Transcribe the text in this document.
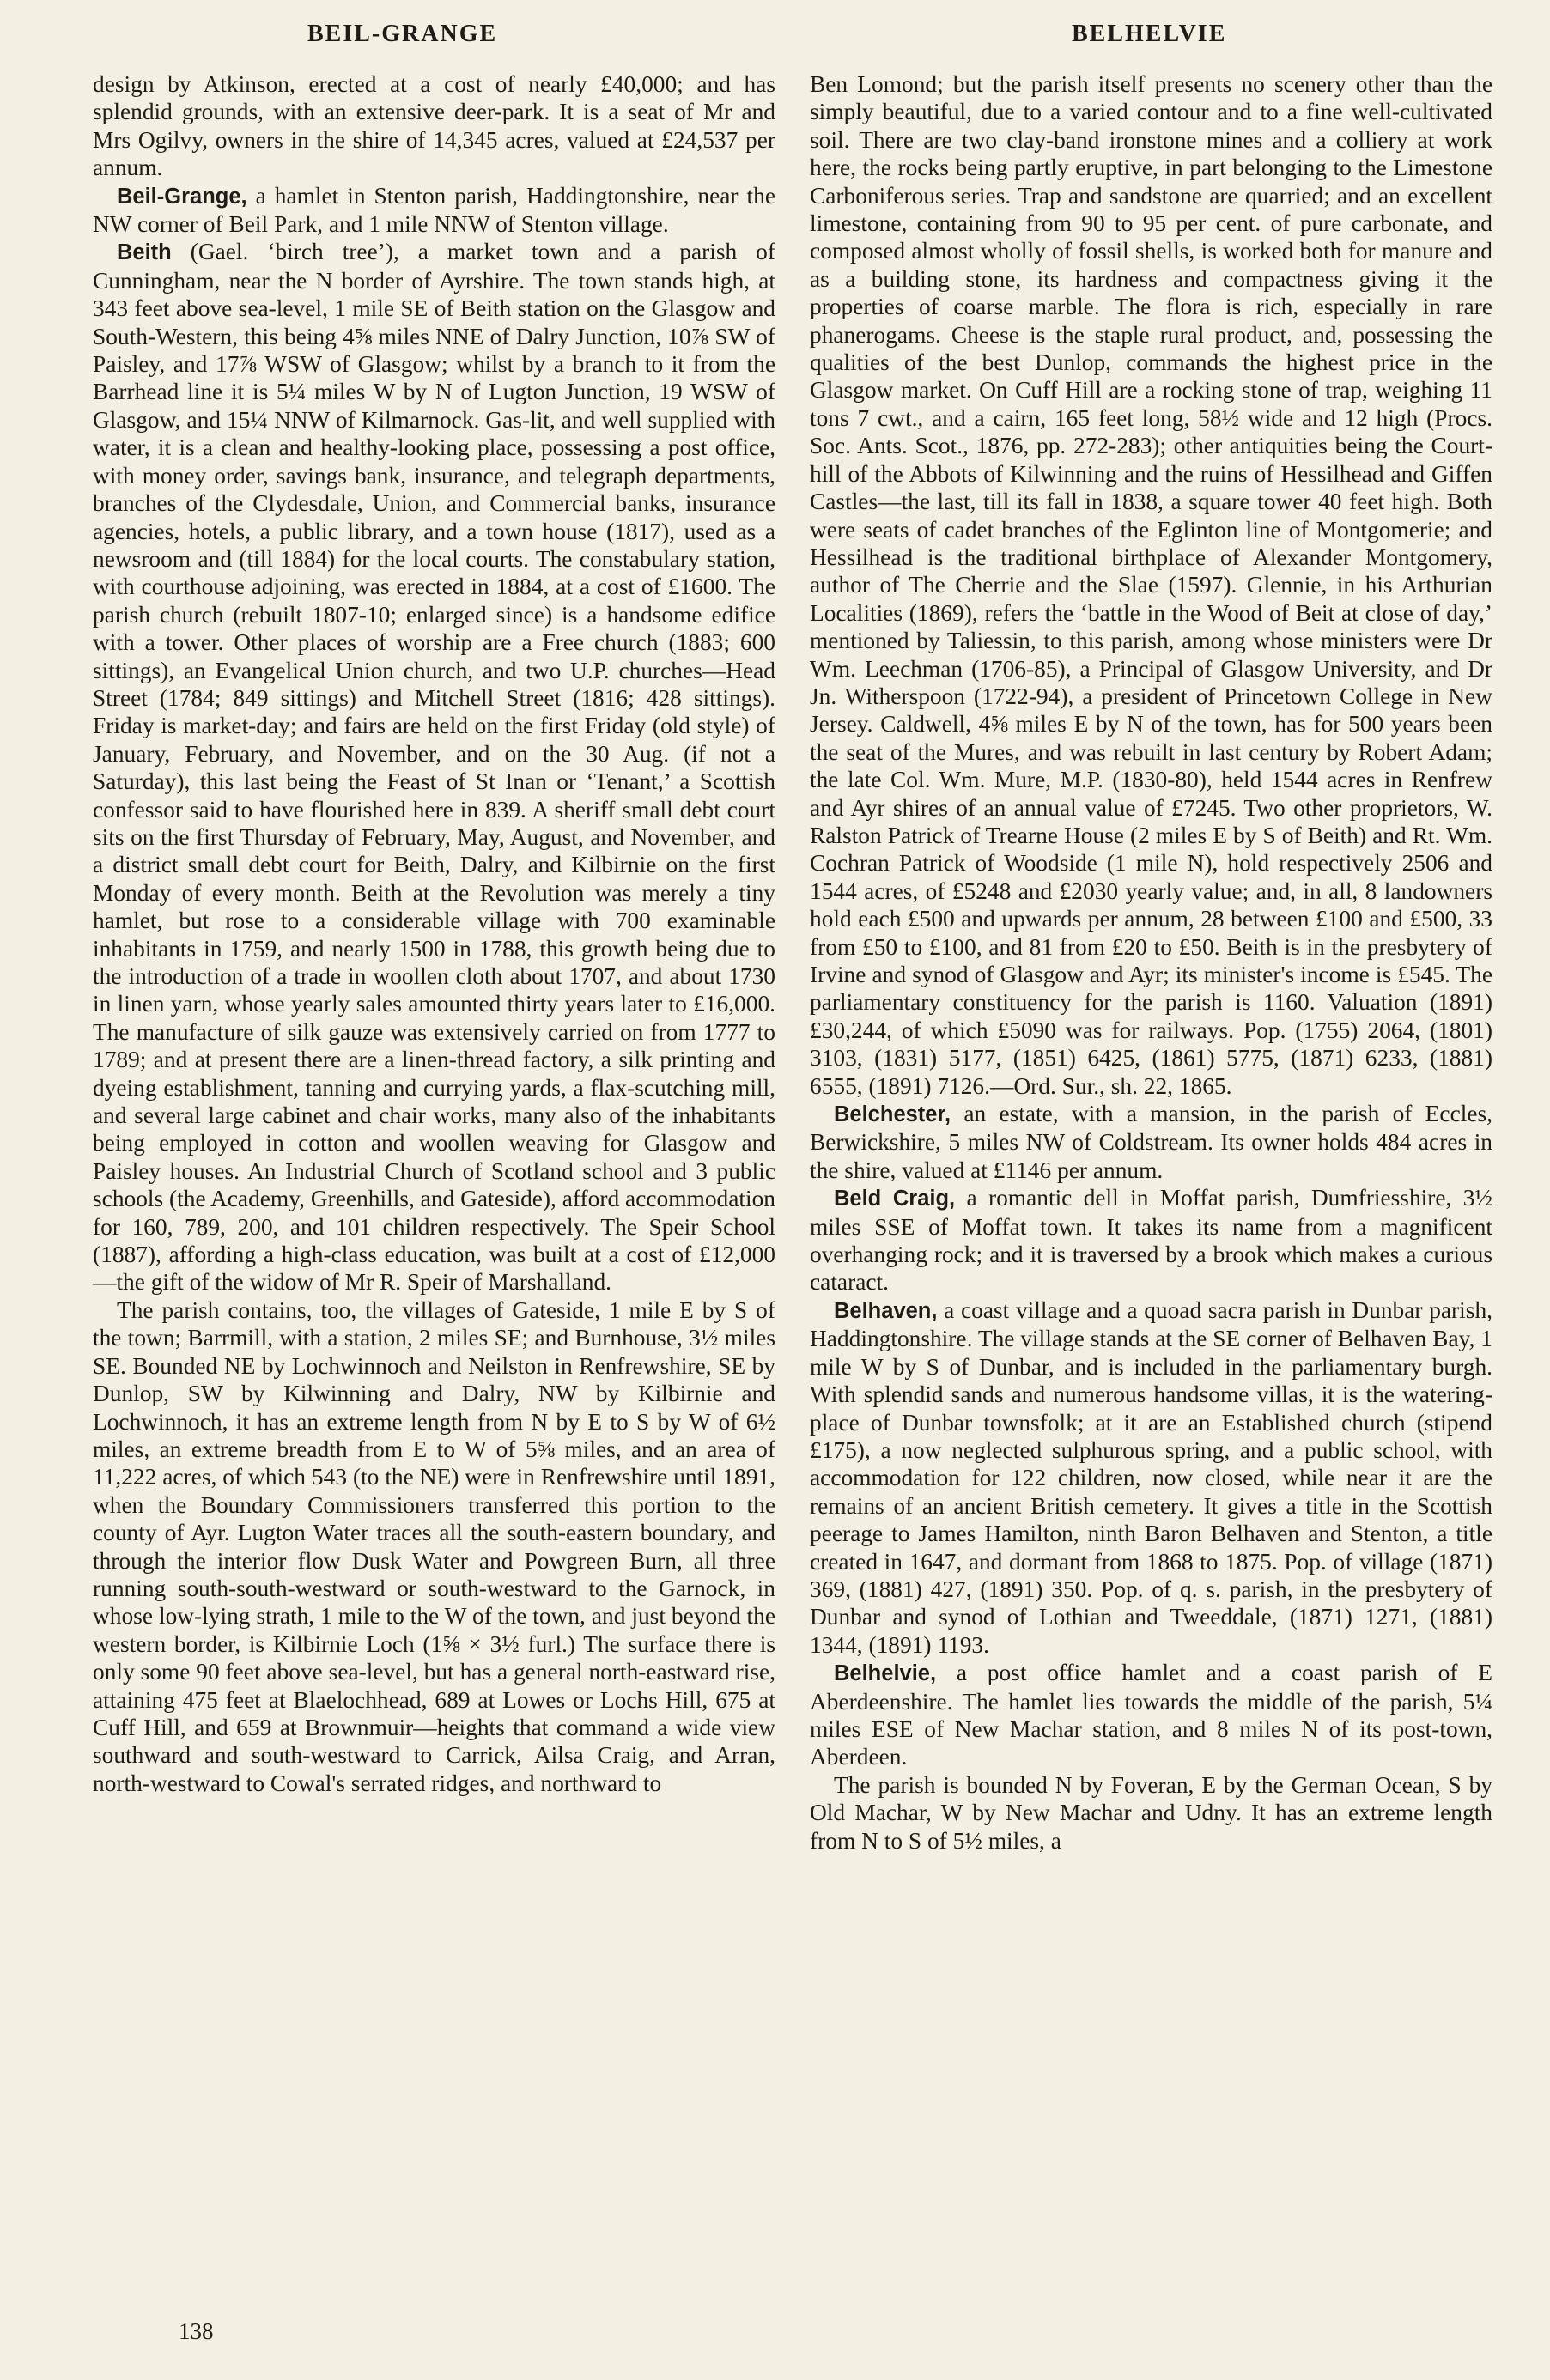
BEIL-GRANGE	BELHELVIE

design by Atkinson, erected at a cost of nearly £40,000; and has splendid grounds, with an extensive deer-park. It is a seat of Mr and Mrs Ogilvy, owners in the shire of 14,345 acres, valued at £24,537 per annum.

Beil-Grange, a hamlet in Stenton parish, Haddingtonshire, near the NW corner of Beil Park, and 1 mile NNW of Stenton village.

Beith (Gael. ‘birch tree’), a market town and a parish of Cunningham, near the N border of Ayrshire. The town stands high, at 343 feet above sea-level, 1 mile SE of Beith station on the Glasgow and South-Western, this being 4⅝ miles NNE of Dalry Junction, 10⅞ SW of Paisley, and 17⅞ WSW of Glasgow; whilst by a branch to it from the Barrhead line it is 5¼ miles W by N of Lugton Junction, 19 WSW of Glasgow, and 15¼ NNW of Kilmarnock. Gas-lit, and well supplied with water, it is a clean and healthy-looking place, possessing a post office, with money order, savings bank, insurance, and telegraph departments, branches of the Clydesdale, Union, and Commercial banks, insurance agencies, hotels, a public library, and a town house (1817), used as a newsroom and (till 1884) for the local courts. The constabulary station, with courthouse adjoining, was erected in 1884, at a cost of £1600. The parish church (rebuilt 1807-10; enlarged since) is a handsome edifice with a tower. Other places of worship are a Free church (1883; 600 sittings), an Evangelical Union church, and two U.P. churches—Head Street (1784; 849 sittings) and Mitchell Street (1816; 428 sittings). Friday is market-day; and fairs are held on the first Friday (old style) of January, February, and November, and on the 30 Aug. (if not a Saturday), this last being the Feast of St Inan or ‘Tenant,’ a Scottish confessor said to have flourished here in 839. A sheriff small debt court sits on the first Thursday of February, May, August, and November, and a district small debt court for Beith, Dalry, and Kilbirnie on the first Monday of every month. Beith at the Revolution was merely a tiny hamlet, but rose to a considerable village with 700 examinable inhabitants in 1759, and nearly 1500 in 1788, this growth being due to the introduction of a trade in woollen cloth about 1707, and about 1730 in linen yarn, whose yearly sales amounted thirty years later to £16,000. The manufacture of silk gauze was extensively carried on from 1777 to 1789; and at present there are a linen-thread factory, a silk printing and dyeing establishment, tanning and currying yards, a flax-scutching mill, and several large cabinet and chair works, many also of the inhabitants being employed in cotton and woollen weaving for Glasgow and Paisley houses. An Industrial Church of Scotland school and 3 public schools (the Academy, Greenhills, and Gateside), afford accommodation for 160, 789, 200, and 101 children respectively. The Speir School (1887), affording a high-class education, was built at a cost of £12,000—the gift of the widow of Mr R. Speir of Marshalland.

The parish contains, too, the villages of Gateside, 1 mile E by S of the town; Barrmill, with a station, 2 miles SE; and Burnhouse, 3½ miles SE. Bounded NE by Lochwinnoch and Neilston in Renfrewshire, SE by Dunlop, SW by Kilwinning and Dalry, NW by Kilbirnie and Lochwinnoch, it has an extreme length from N by E to S by W of 6½ miles, an extreme breadth from E to W of 5⅝ miles, and an area of 11,222 acres, of which 543 (to the NE) were in Renfrewshire until 1891, when the Boundary Commissioners transferred this portion to the county of Ayr. Lugton Water traces all the south-eastern boundary, and through the interior flow Dusk Water and Powgreen Burn, all three running south-south-westward or south-westward to the Garnock, in whose low-lying strath, 1 mile to the W of the town, and just beyond the western border, is Kilbirnie Loch (1⅝ × 3½ furl.) The surface there is only some 90 feet above sea-level, but has a general north-eastward rise, attaining 475 feet at Blaelochhead, 689 at Lowes or Lochs Hill, 675 at Cuff Hill, and 659 at Brownmuir—heights that command a wide view southward and south-westward to Carrick, Ailsa Craig, and Arran, north-westward to Cowal's serrated ridges, and northward to

Ben Lomond; but the parish itself presents no scenery other than the simply beautiful, due to a varied contour and to a fine well-cultivated soil. There are two clay-band ironstone mines and a colliery at work here, the rocks being partly eruptive, in part belonging to the Limestone Carboniferous series. Trap and sandstone are quarried; and an excellent limestone, containing from 90 to 95 per cent. of pure carbonate, and composed almost wholly of fossil shells, is worked both for manure and as a building stone, its hardness and compactness giving it the properties of coarse marble. The flora is rich, especially in rare phanerogams. Cheese is the staple rural product, and, possessing the qualities of the best Dunlop, commands the highest price in the Glasgow market. On Cuff Hill are a rocking stone of trap, weighing 11 tons 7 cwt., and a cairn, 165 feet long, 58½ wide and 12 high (Procs. Soc. Ants. Scot., 1876, pp. 272-283); other antiquities being the Court-hill of the Abbots of Kilwinning and the ruins of Hessilhead and Giffen Castles—the last, till its fall in 1838, a square tower 40 feet high. Both were seats of cadet branches of the Eglinton line of Montgomerie; and Hessilhead is the traditional birthplace of Alexander Montgomery, author of The Cherrie and the Slae (1597). Glennie, in his Arthurian Localities (1869), refers the ‘battle in the Wood of Beit at close of day,’ mentioned by Taliessin, to this parish, among whose ministers were Dr Wm. Leechman (1706-85), a Principal of Glasgow University, and Dr Jn. Witherspoon (1722-94), a president of Princetown College in New Jersey. Caldwell, 4⅝ miles E by N of the town, has for 500 years been the seat of the Mures, and was rebuilt in last century by Robert Adam; the late Col. Wm. Mure, M.P. (1830-80), held 1544 acres in Renfrew and Ayr shires of an annual value of £7245. Two other proprietors, W. Ralston Patrick of Trearne House (2 miles E by S of Beith) and Rt. Wm. Cochran Patrick of Woodside (1 mile N), hold respectively 2506 and 1544 acres, of £5248 and £2030 yearly value; and, in all, 8 landowners hold each £500 and upwards per annum, 28 between £100 and £500, 33 from £50 to £100, and 81 from £20 to £50. Beith is in the presbytery of Irvine and synod of Glasgow and Ayr; its minister's income is £545. The parliamentary constituency for the parish is 1160. Valuation (1891) £30,244, of which £5090 was for railways. Pop. (1755) 2064, (1801) 3103, (1831) 5177, (1851) 6425, (1861) 5775, (1871) 6233, (1881) 6555, (1891) 7126.—Ord. Sur., sh. 22, 1865.

Belchester, an estate, with a mansion, in the parish of Eccles, Berwickshire, 5 miles NW of Coldstream. Its owner holds 484 acres in the shire, valued at £1146 per annum.

Beld Craig, a romantic dell in Moffat parish, Dumfriesshire, 3½ miles SSE of Moffat town. It takes its name from a magnificent overhanging rock; and it is traversed by a brook which makes a curious cataract.

Belhaven, a coast village and a quoad sacra parish in Dunbar parish, Haddingtonshire. The village stands at the SE corner of Belhaven Bay, 1 mile W by S of Dunbar, and is included in the parliamentary burgh. With splendid sands and numerous handsome villas, it is the watering-place of Dunbar townsfolk; at it are an Established church (stipend £175), a now neglected sulphurous spring, and a public school, with accommodation for 122 children, now closed, while near it are the remains of an ancient British cemetery. It gives a title in the Scottish peerage to James Hamilton, ninth Baron Belhaven and Stenton, a title created in 1647, and dormant from 1868 to 1875. Pop. of village (1871) 369, (1881) 427, (1891) 350. Pop. of q. s. parish, in the presbytery of Dunbar and synod of Lothian and Tweeddale, (1871) 1271, (1881) 1344, (1891) 1193.

Belhelvie, a post office hamlet and a coast parish of E Aberdeenshire. The hamlet lies towards the middle of the parish, 5¼ miles ESE of New Machar station, and 8 miles N of its post-town, Aberdeen.

The parish is bounded N by Foveran, E by the German Ocean, S by Old Machar, W by New Machar and Udny. It has an extreme length from N to S of 5½ miles, a

138
